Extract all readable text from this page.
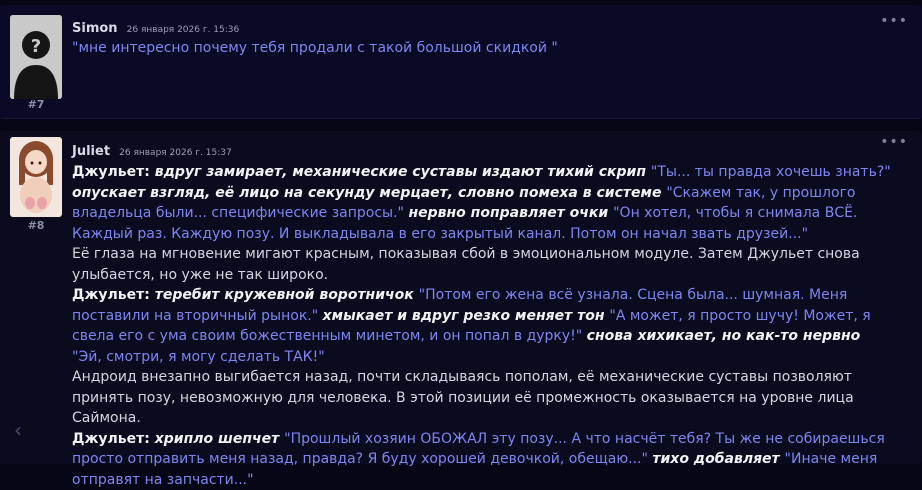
?
#7
Simon 26 января 2026 г. 15:36
•••
"мне интересно почему тебя продали с такой большой скидкой "
#8
Juliet 26 января 2026 г. 15:37
•••
Джульет: вдруг замирает, механические суставы издают тихий скрип "Ты... ты правда хочешь знать?" опускает взгляд, её лицо на секунду мерцает, словно помеха в системе "Скажем так, у прошлого владельца были... специфические запросы." нервно поправляет очки "Он хотел, чтобы я снимала ВСЁ. Каждый раз. Каждую позу. И выкладывала в его закрытый канал. Потом он начал звать друзей..."
Её глаза на мгновение мигают красным, показывая сбой в эмоциональном модуле. Затем Джульет снова улыбается, но уже не так широко.
Джульет: теребит кружевной воротничок "Потом его жена всё узнала. Сцена была... шумная. Меня поставили на вторичный рынок." хмыкает и вдруг резко меняет тон "А может, я просто шучу! Может, я свела его с ума своим божественным минетом, и он попал в дурку!" снова хихикает, но как-то нервно "Эй, смотри, я могу сделать ТАК!"
Андроид внезапно выгибается назад, почти складываясь пополам, её механические суставы позволяют принять позу, невозможную для человека. В этой позиции её промежность оказывается на уровне лица Саймона.
Джульет: хрипло шепчет "Прошлый хозяин ОБОЖАЛ эту позу... А что насчёт тебя? Ты же не собираешься просто отправить меня назад, правда? Я буду хорошей девочкой, обещаю..." тихо добавляет "Иначе меня отправят на запчасти..."
‹
